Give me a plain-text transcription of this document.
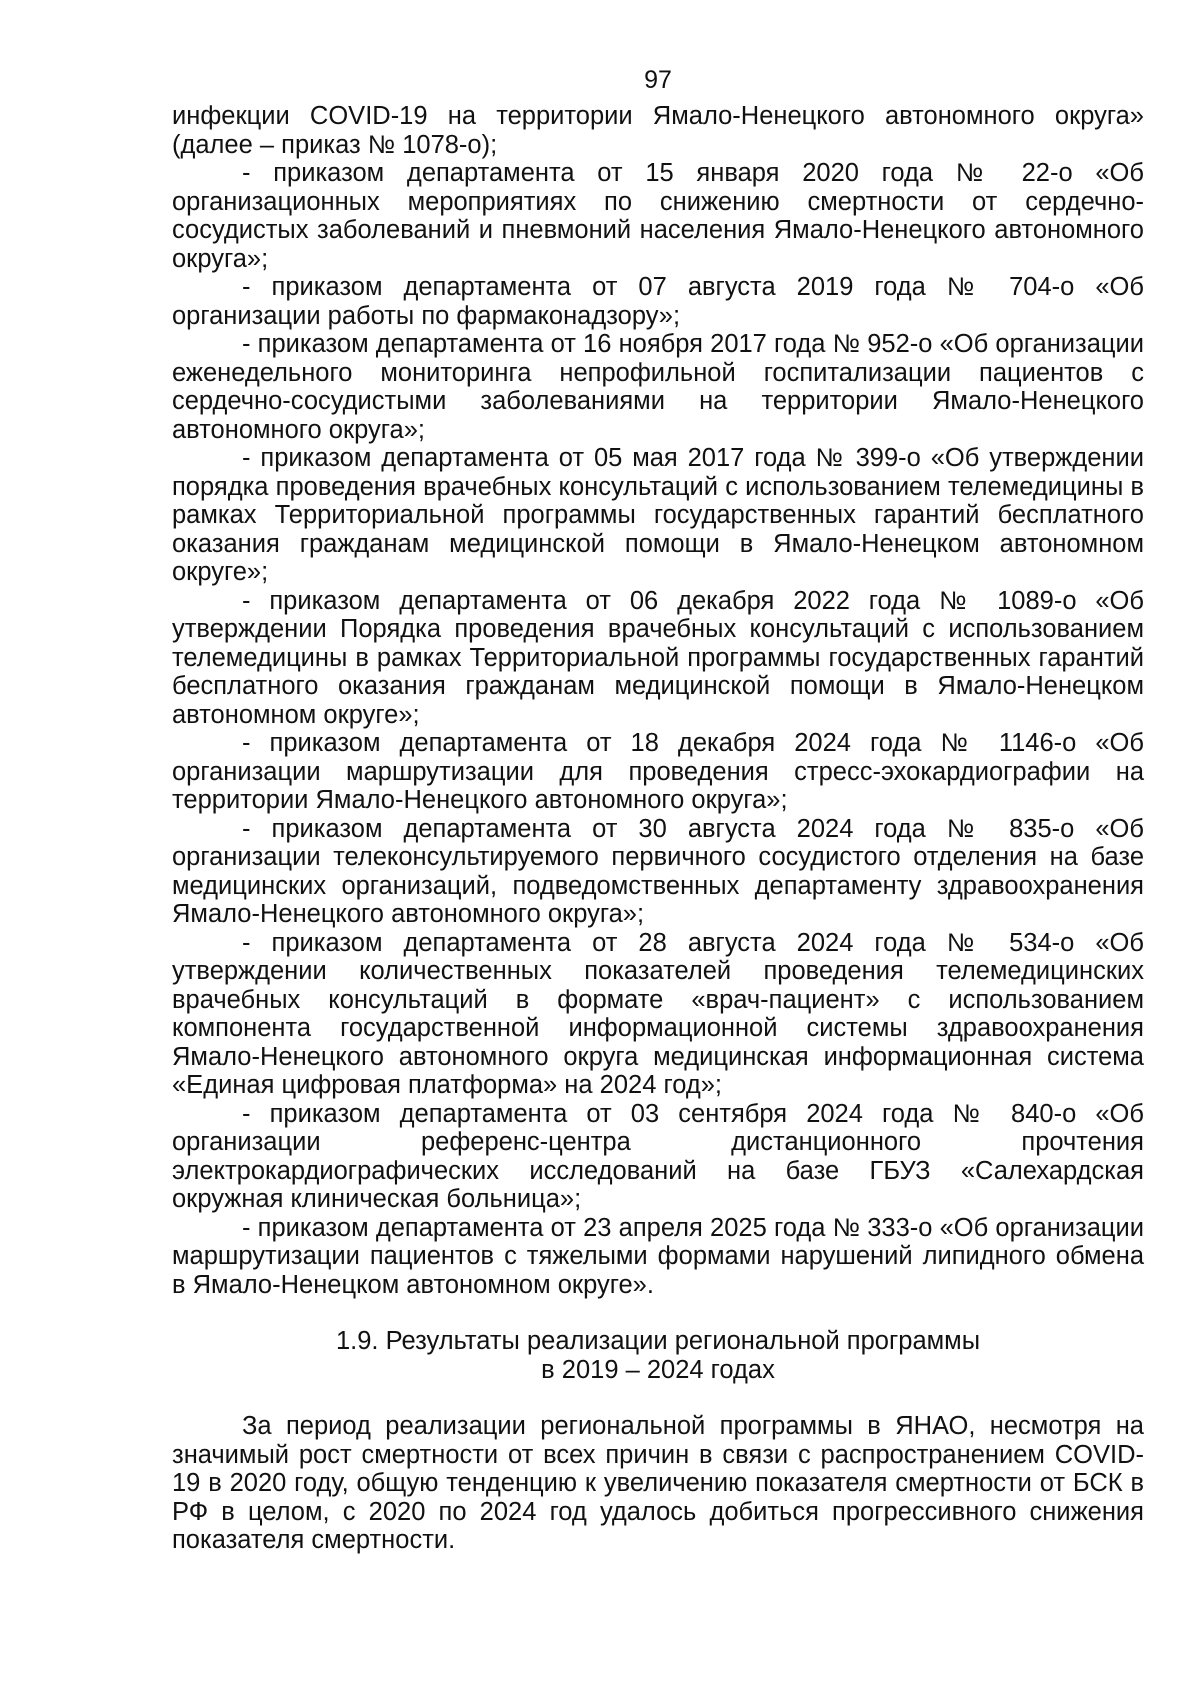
97

инфекции COVID-19 на территории Ямало-Ненецкого автономного округа» (далее – приказ № 1078-о);

- приказом департамента от 15 января 2020 года № 22-о «Об организационных мероприятиях по снижению смертности от сердечно-сосудистых заболеваний и пневмоний населения Ямало-Ненецкого автономного округа»;

- приказом департамента от 07 августа 2019 года № 704-о «Об организации работы по фармаконадзору»;

- приказом департамента от 16 ноября 2017 года № 952-о «Об организации еженедельного мониторинга непрофильной госпитализации пациентов с сердечно-сосудистыми заболеваниями на территории Ямало-Ненецкого автономного округа»;

- приказом департамента от 05 мая 2017 года № 399-о «Об утверждении порядка проведения врачебных консультаций с использованием телемедицины в рамках Территориальной программы государственных гарантий бесплатного оказания гражданам медицинской помощи в Ямало-Ненецком автономном округе»;

- приказом департамента от 06 декабря 2022 года № 1089-о «Об утверждении Порядка проведения врачебных консультаций с использованием телемедицины в рамках Территориальной программы государственных гарантий бесплатного оказания гражданам медицинской помощи в Ямало-Ненецком автономном округе»;

- приказом департамента от 18 декабря 2024 года № 1146-о «Об организации маршрутизации для проведения стресс-эхокардиографии на территории Ямало-Ненецкого автономного округа»;

- приказом департамента от 30 августа 2024 года № 835-о «Об организации телеконсультируемого первичного сосудистого отделения на базе медицинских организаций, подведомственных департаменту здравоохранения Ямало-Ненецкого автономного округа»;

- приказом департамента от 28 августа 2024 года № 534-о «Об утверждении количественных показателей проведения телемедицинских врачебных консультаций в формате «врач-пациент» с использованием компонента государственной информационной системы здравоохранения Ямало-Ненецкого автономного округа медицинская информационная система «Единая цифровая платформа» на 2024 год»;

- приказом департамента от 03 сентября 2024 года № 840-о «Об организации референс-центра дистанционного прочтения электрокардиографических исследований на базе ГБУЗ «Салехардская окружная клиническая больница»;

- приказом департамента от 23 апреля 2025 года № 333-о «Об организации маршрутизации пациентов с тяжелыми формами нарушений липидного обмена в Ямало-Ненецком автономном округе».

1.9. Результаты реализации региональной программы
в 2019 – 2024 годах

За период реализации региональной программы в ЯНАО, несмотря на значимый рост смертности от всех причин в связи с распространением COVID-19 в 2020 году, общую тенденцию к увеличению показателя смертности от БСК в РФ в целом, с 2020 по 2024 год удалось добиться прогрессивного снижения показателя смертности.
